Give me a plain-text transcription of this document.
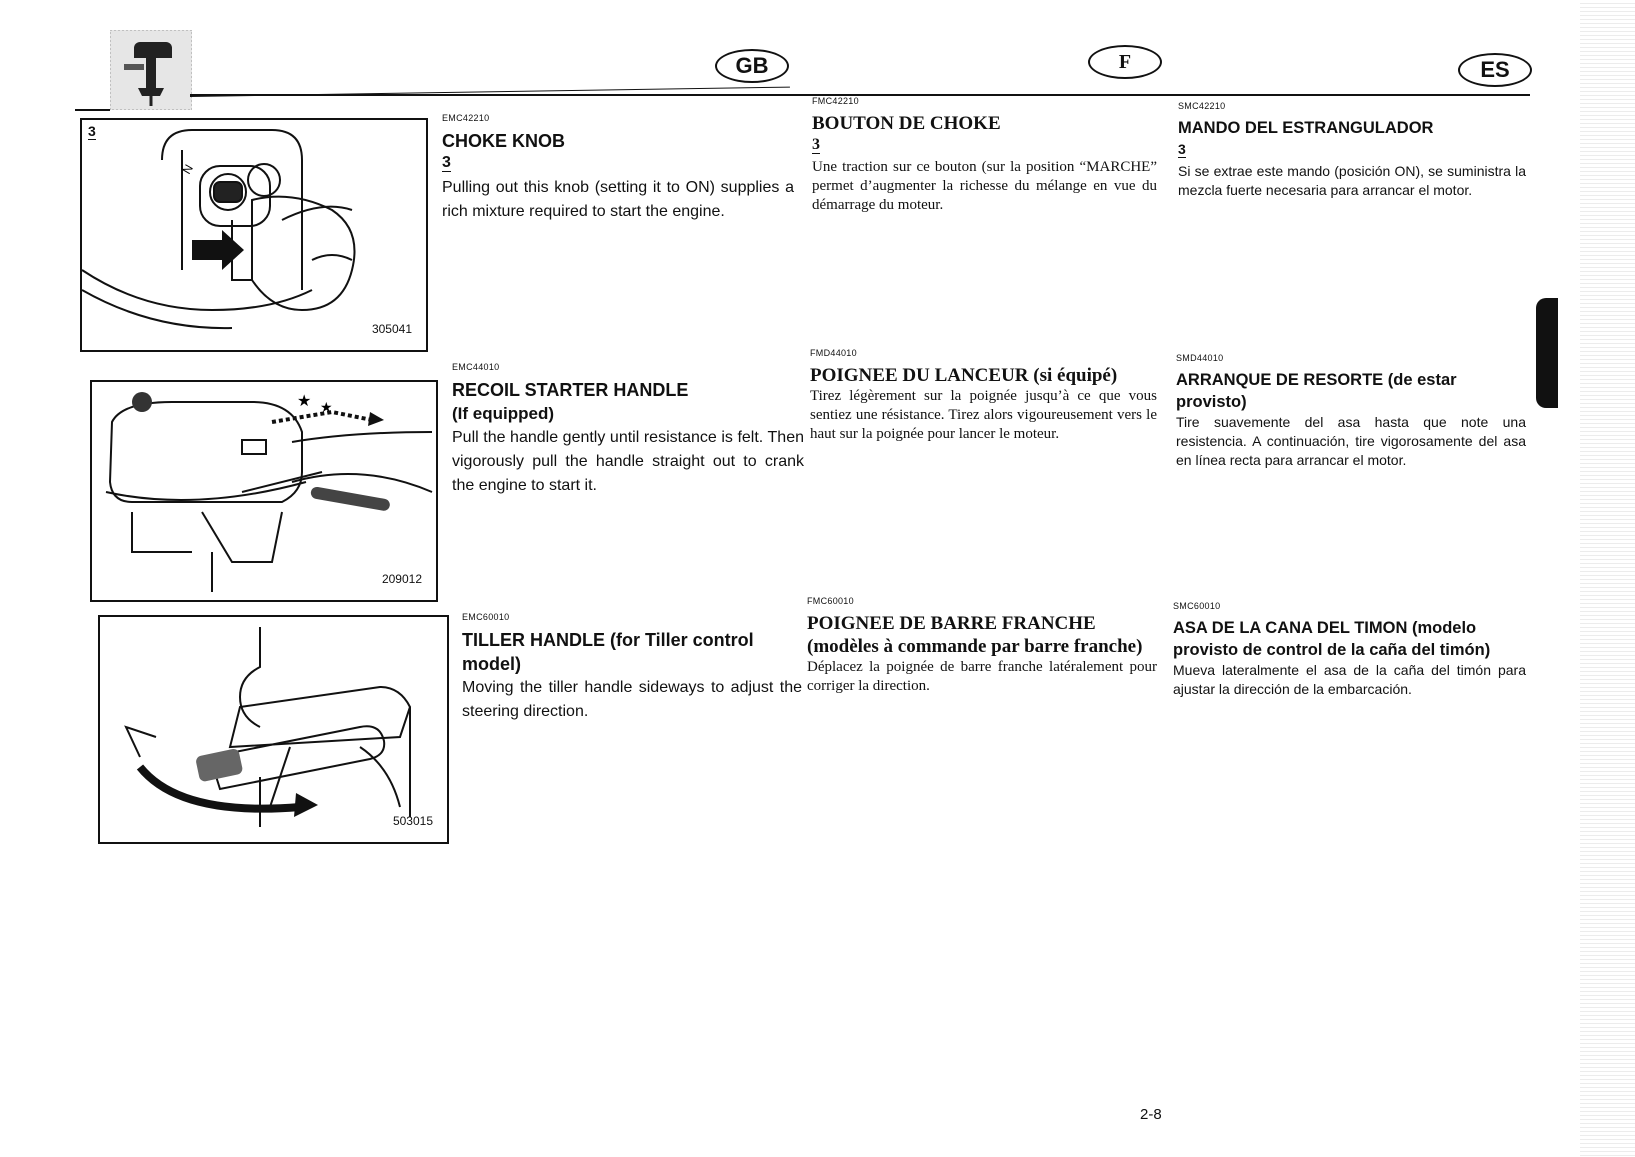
GB	F	ES
3
N
305041
★ ★
209012
503015
EMC42210
CHOKE KNOB
3
Pulling out this knob (setting it to ON) supplies a rich mixture required to start the engine.
EMC44010
RECOIL STARTER HANDLE
(If equipped)
Pull the handle gently until resistance is felt. Then vigorously pull the handle straight out to crank the engine to start it.
EMC60010
TILLER HANDLE (for Tiller control model)
Moving the tiller handle sideways to adjust the steering direction.
FMC42210
BOUTON DE CHOKE
3
Une traction sur ce bouton (sur la position “MARCHE” permet d’augmenter la richesse du mélange en vue du démarrage du moteur.
FMD44010
POIGNEE DU LANCEUR (si équipé)
Tirez légèrement sur la poignée jusqu’à ce que vous sentiez une résistance. Tirez alors vigoureusement vers le haut sur la poignée pour lancer le moteur.
FMC60010
POIGNEE DE BARRE FRANCHE (modèles à commande par barre franche)
Déplacez la poignée de barre franche latéralement pour corriger la direction.
SMC42210
MANDO DEL ESTRANGULADOR
3
Si se extrae este mando (posición ON), se suministra la mezcla fuerte necesaria para arrancar el motor.
SMD44010
ARRANQUE DE RESORTE (de estar provisto)
Tire suavemente del asa hasta que note una resistencia. A continuación, tire vigorosamente del asa en línea recta para arrancar el motor.
SMC60010
ASA DE LA CANA DEL TIMON (modelo provisto de control de la caña del timón)
Mueva lateralmente el asa de la caña del timón para ajustar la dirección de la embarcación.
2-8
